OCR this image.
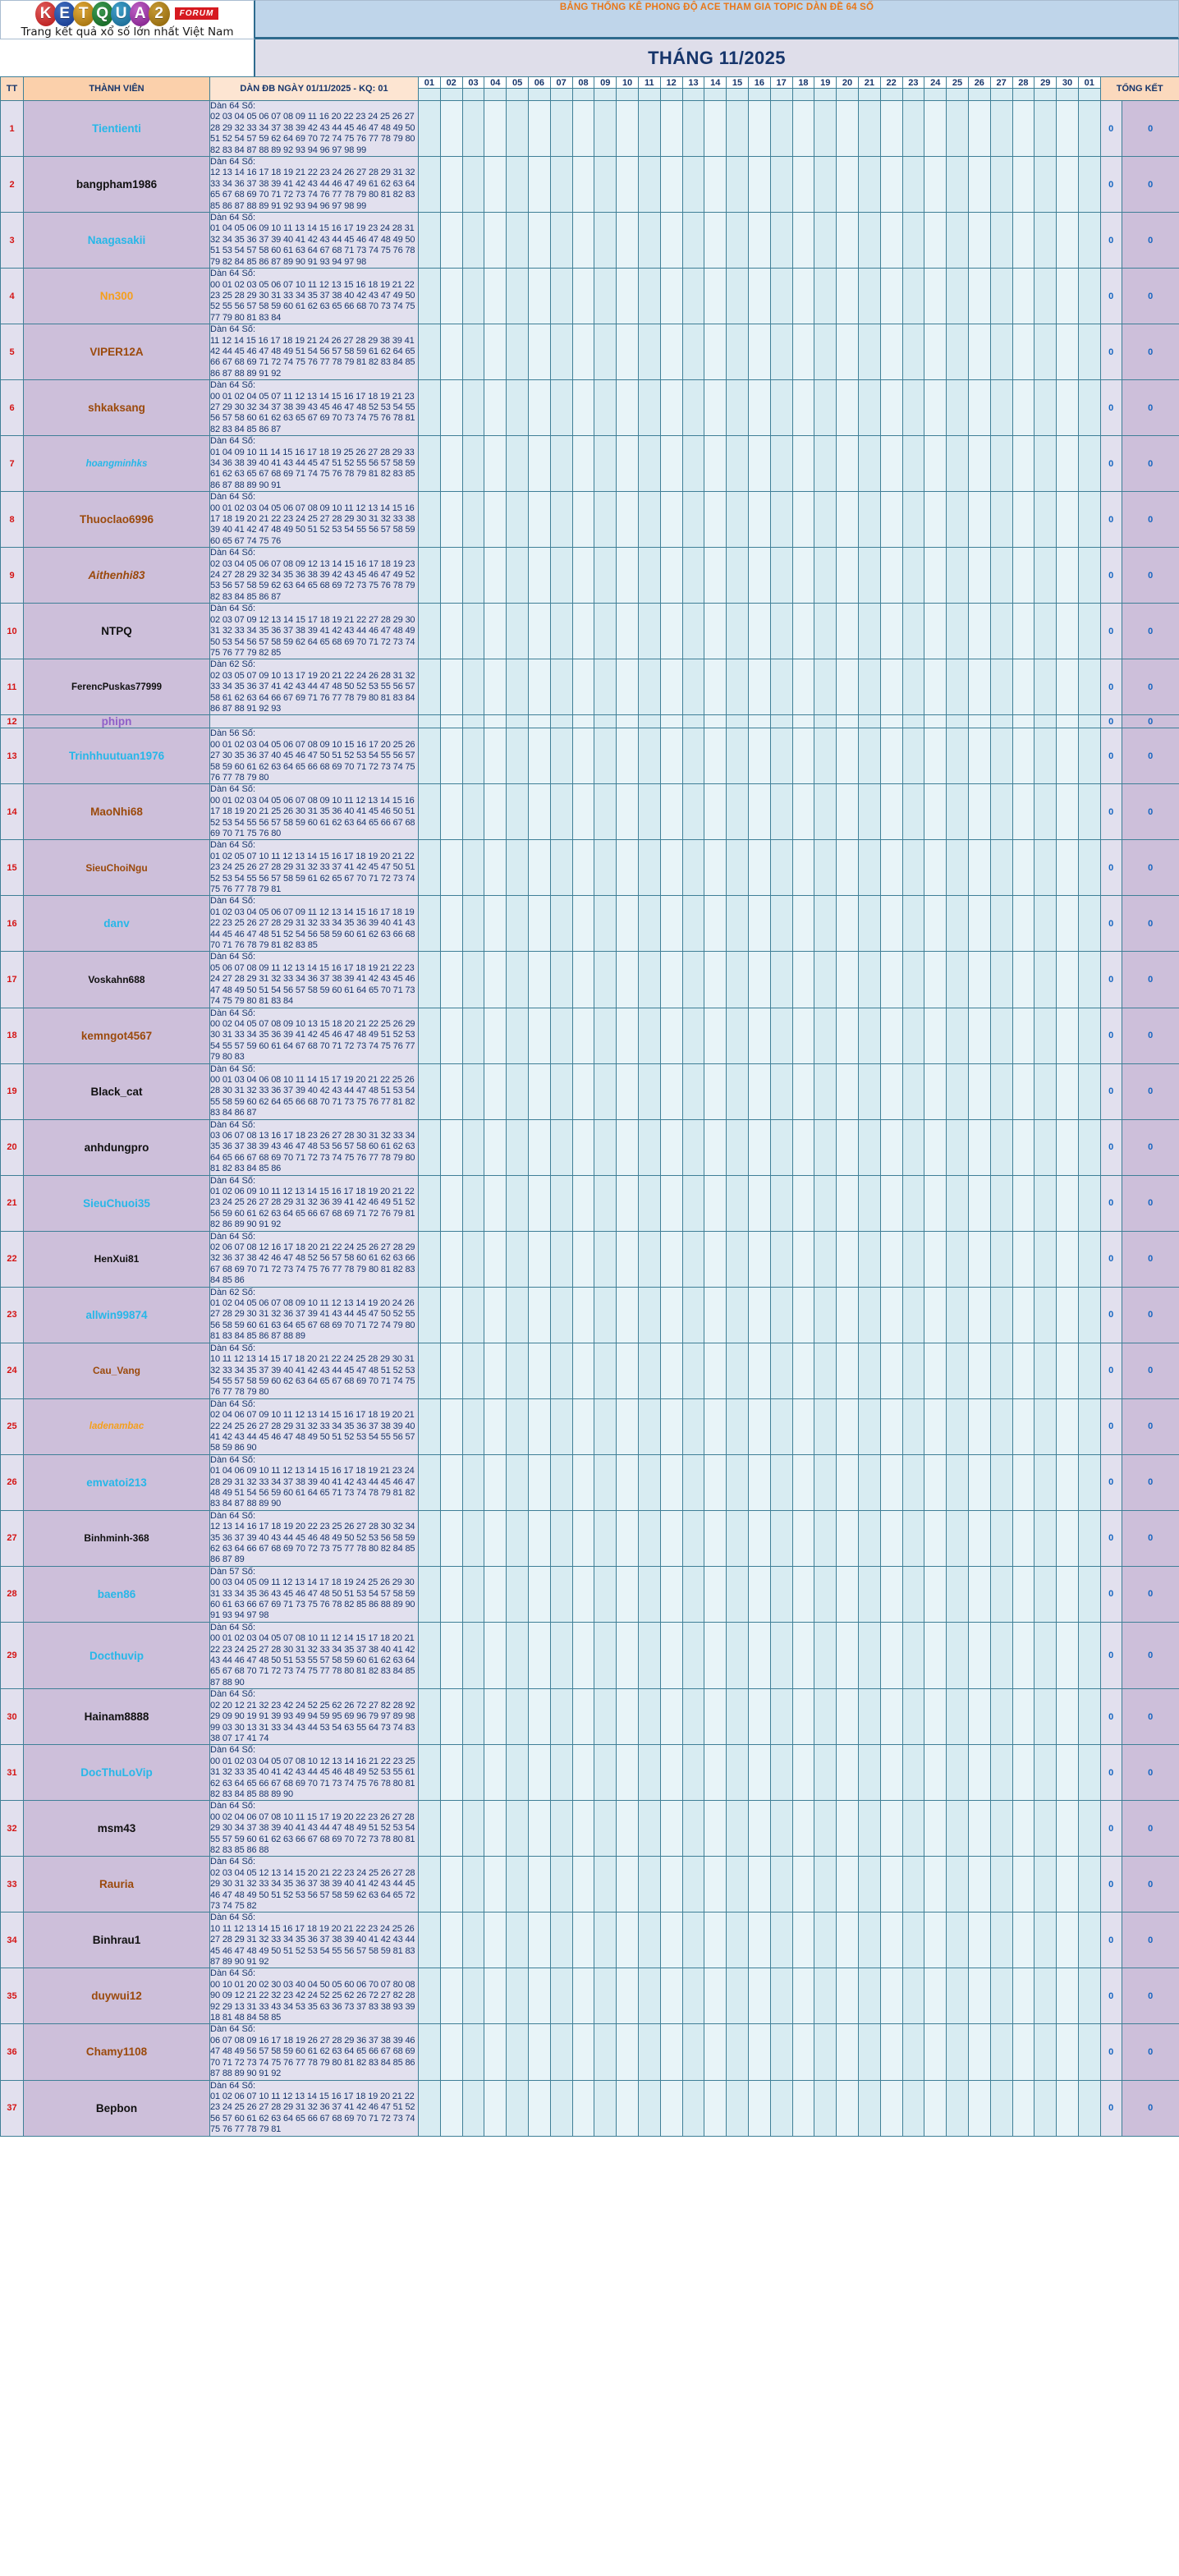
K E T Q U A 2	FORUM
Trang kết quả xổ số lớn nhất Việt Nam
BẢNG THỐNG KÊ PHONG ĐỘ ACE THAM GIA TOPIC DÀN ĐỀ 64 SỐ
THÁNG 11/2025
TT	THÀNH VIÊN	DÀN ĐB NGÀY 01/11/2025 - KQ: 01	01	02	03	04	05	06	07	08	09	10	11	12	13	14	15	16	17	18	19	20	21	22	23	24	25	26	27	28	29	30	01	TỔNG KẾT	

1	Tientienti	Dàn 64 Số:
02 03 04 05 06 07 08 09 11 16 20 22 23 24 25 26 27 28 29 32 33 34 37 38 39 42 43 44 45 46 47 48 49 50 51 52 54 57 59 62 64 69 70 72 74 75 76 77 78 79 80 82 83 84 87 88 89 92 93 94 96 97 98 99																																0	0
2	bangpham1986	Dàn 64 Số:
12 13 14 16 17 18 19 21 22 23 24 26 27 28 29 31 32 33 34 36 37 38 39 41 42 43 44 46 47 49 61 62 63 64 65 67 68 69 70 71 72 73 74 76 77 78 79 80 81 82 83 85 86 87 88 89 91 92 93 94 96 97 98 99																																0	0
3	Naagasakii	Dàn 64 Số:
01 04 05 06 09 10 11 13 14 15 16 17 19 23 24 28 31 32 34 35 36 37 39 40 41 42 43 44 45 46 47 48 49 50 51 53 54 57 58 60 61 63 64 67 68 71 73 74 75 76 78 79 82 84 85 86 87 89 90 91 93 94 97 98																																0	0
4	Nn300	Dàn 64 Số:
00 01 02 03 05 06 07 10 11 12 13 15 16 18 19 21 22 23 25 28 29 30 31 33 34 35 37 38 40 42 43 47 49 50 52 55 56 57 58 59 60 61 62 63 65 66 68 70 73 74 75 77 79 80 81 83 84																																0	0
5	VIPER12A	Dàn 64 Số:
11 12 14 15 16 17 18 19 21 24 26 27 28 29 38 39 41 42 44 45 46 47 48 49 51 54 56 57 58 59 61 62 64 65 66 67 68 69 71 72 74 75 76 77 78 79 81 82 83 84 85 86 87 88 89 91 92																																0	0
6	shkaksang	Dàn 64 Số:
00 01 02 04 05 07 11 12 13 14 15 16 17 18 19 21 23 27 29 30 32 34 37 38 39 43 45 46 47 48 52 53 54 55 56 57 58 60 61 62 63 65 67 69 70 73 74 75 76 78 81 82 83 84 85 86 87																																0	0
7	hoangminhks	Dàn 64 Số:
01 04 09 10 11 14 15 16 17 18 19 25 26 27 28 29 33 34 36 38 39 40 41 43 44 45 47 51 52 55 56 57 58 59 61 62 63 65 67 68 69 71 74 75 76 78 79 81 82 83 85 86 87 88 89 90 91																																0	0
8	Thuoclao6996	Dàn 64 Số:
00 01 02 03 04 05 06 07 08 09 10 11 12 13 14 15 16 17 18 19 20 21 22 23 24 25 27 28 29 30 31 32 33 38 39 40 41 42 47 48 49 50 51 52 53 54 55 56 57 58 59 60 65 67 74 75 76																																0	0
9	Aithenhi83	Dàn 64 Số:
02 03 04 05 06 07 08 09 12 13 14 15 16 17 18 19 23 24 27 28 29 32 34 35 36 38 39 42 43 45 46 47 49 52 53 56 57 58 59 62 63 64 65 68 69 72 73 75 76 78 79 82 83 84 85 86 87																																0	0
10	NTPQ	Dàn 64 Số:
02 03 07 09 12 13 14 15 17 18 19 21 22 27 28 29 30 31 32 33 34 35 36 37 38 39 41 42 43 44 46 47 48 49 50 53 54 56 57 58 59 62 64 65 68 69 70 71 72 73 74 75 76 77 79 82 85																																0	0
11	FerencPuskas77999	Dàn 62 Số:
02 03 05 07 09 10 13 17 19 20 21 22 24 26 28 31 32 33 34 35 36 37 41 42 43 44 47 48 50 52 53 55 56 57 58 61 62 63 64 66 67 69 71 76 77 78 79 80 81 83 84 86 87 88 91 92 93																																0	0
12	phipn																																	0	0
13	Trinhhuutuan1976	Dàn 56 Số:
00 01 02 03 04 05 06 07 08 09 10 15 16 17 20 25 26 27 30 35 36 37 40 45 46 47 50 51 52 53 54 55 56 57 58 59 60 61 62 63 64 65 66 68 69 70 71 72 73 74 75 76 77 78 79 80																																0	0
14	MaoNhi68	Dàn 64 Số:
00 01 02 03 04 05 06 07 08 09 10 11 12 13 14 15 16 17 18 19 20 21 25 26 30 31 35 36 40 41 45 46 50 51 52 53 54 55 56 57 58 59 60 61 62 63 64 65 66 67 68 69 70 71 75 76 80																																0	0
15	SieuChoiNgu	Dàn 64 Số:
01 02 05 07 10 11 12 13 14 15 16 17 18 19 20 21 22 23 24 25 26 27 28 29 31 32 33 37 41 42 45 47 50 51 52 53 54 55 56 57 58 59 61 62 65 67 70 71 72 73 74 75 76 77 78 79 81																																0	0
16	danv	Dàn 64 Số:
01 02 03 04 05 06 07 09 11 12 13 14 15 16 17 18 19 22 23 25 26 27 28 29 31 32 33 34 35 36 39 40 41 43 44 45 46 47 48 51 52 54 56 58 59 60 61 62 63 66 68 70 71 76 78 79 81 82 83 85																																0	0
17	Voskahn688	Dàn 64 Số:
05 06 07 08 09 11 12 13 14 15 16 17 18 19 21 22 23 24 27 28 29 31 32 33 34 36 37 38 39 41 42 43 45 46 47 48 49 50 51 54 56 57 58 59 60 61 64 65 70 71 73 74 75 79 80 81 83 84																																0	0
18	kemngot4567	Dàn 64 Số:
00 02 04 05 07 08 09 10 13 15 18 20 21 22 25 26 29 30 31 33 34 35 36 39 41 42 45 46 47 48 49 51 52 53 54 55 57 59 60 61 64 67 68 70 71 72 73 74 75 76 77 79 80 83																																0	0
19	Black_cat	Dàn 64 Số:
00 01 03 04 06 08 10 11 14 15 17 19 20 21 22 25 26 28 30 31 32 33 36 37 39 40 42 43 44 47 48 51 53 54 55 58 59 60 62 64 65 66 68 70 71 73 75 76 77 81 82 83 84 86 87																																0	0
20	anhdungpro	Dàn 64 Số:
03 06 07 08 13 16 17 18 23 26 27 28 30 31 32 33 34 35 36 37 38 39 43 46 47 48 53 56 57 58 60 61 62 63 64 65 66 67 68 69 70 71 72 73 74 75 76 77 78 79 80 81 82 83 84 85 86																																0	0
21	SieuChuoi35	Dàn 64 Số:
01 02 06 09 10 11 12 13 14 15 16 17 18 19 20 21 22 23 24 25 26 27 28 29 31 32 36 39 41 42 46 49 51 52 56 59 60 61 62 63 64 65 66 67 68 69 71 72 76 79 81 82 86 89 90 91 92																																0	0
22	HenXui81	Dàn 64 Số:
02 06 07 08 12 16 17 18 20 21 22 24 25 26 27 28 29 32 36 37 38 42 46 47 48 52 56 57 58 60 61 62 63 66 67 68 69 70 71 72 73 74 75 76 77 78 79 80 81 82 83 84 85 86																																0	0
23	allwin99874	Dàn 62 Số:
01 02 04 05 06 07 08 09 10 11 12 13 14 19 20 24 26 27 28 29 30 31 32 36 37 39 41 43 44 45 47 50 52 55 56 58 59 60 61 63 64 65 67 68 69 70 71 72 74 79 80 81 83 84 85 86 87 88 89																																0	0
24	Cau_Vang	Dàn 64 Số:
10 11 12 13 14 15 17 18 20 21 22 24 25 28 29 30 31 32 33 34 35 37 39 40 41 42 43 44 45 47 48 51 52 53 54 55 57 58 59 60 62 63 64 65 67 68 69 70 71 74 75 76 77 78 79 80																																0	0
25	ladenambac	Dàn 64 Số:
02 04 06 07 09 10 11 12 13 14 15 16 17 18 19 20 21 22 24 25 26 27 28 29 31 32 33 34 35 36 37 38 39 40 41 42 43 44 45 46 47 48 49 50 51 52 53 54 55 56 57 58 59 86 90																																0	0
26	emvatoi213	Dàn 64 Số:
01 04 06 09 10 11 12 13 14 15 16 17 18 19 21 23 24 28 29 31 32 33 34 37 38 39 40 41 42 43 44 45 46 47 48 49 51 54 56 59 60 61 64 65 71 73 74 78 79 81 82 83 84 87 88 89 90																																0	0
27	Binhminh-368	Dàn 64 Số:
12 13 14 16 17 18 19 20 22 23 25 26 27 28 30 32 34 35 36 37 39 40 43 44 45 46 48 49 50 52 53 56 58 59 62 63 64 66 67 68 69 70 72 73 75 77 78 80 82 84 85 86 87 89																																0	0
28	baen86	Dàn 57 Số:
00 03 04 05 09 11 12 13 14 17 18 19 24 25 26 29 30 31 33 34 35 36 43 45 46 47 48 50 51 53 54 57 58 59 60 61 63 66 67 69 71 73 75 76 78 82 85 86 88 89 90 91 93 94 97 98																																0	0
29	Docthuvip	Dàn 64 Số:
00 01 02 03 04 05 07 08 10 11 12 14 15 17 18 20 21 22 23 24 25 27 28 30 31 32 33 34 35 37 38 40 41 42 43 44 46 47 48 50 51 53 55 57 58 59 60 61 62 63 64 65 67 68 70 71 72 73 74 75 77 78 80 81 82 83 84 85 87 88 90																																0	0
30	Hainam8888	Dàn 64 Số:
02 20 12 21 32 23 42 24 52 25 62 26 72 27 82 28 92 29 09 90 19 91 39 93 49 94 59 95 69 96 79 97 89 98 99 03 30 13 31 33 34 43 44 53 54 63 55 64 73 74 83 38 07 17 41 74																																0	0
31	DocThuLoVip	Dàn 64 Số:
00 01 02 03 04 05 07 08 10 12 13 14 16 21 22 23 25 31 32 33 35 40 41 42 43 44 45 46 48 49 52 53 55 61 62 63 64 65 66 67 68 69 70 71 73 74 75 76 78 80 81 82 83 84 85 88 89 90																																0	0
32	msm43	Dàn 64 Số:
00 02 04 06 07 08 10 11 15 17 19 20 22 23 26 27 28 29 30 34 37 38 39 40 41 43 44 47 48 49 51 52 53 54 55 57 59 60 61 62 63 66 67 68 69 70 72 73 78 80 81 82 83 85 86 88																																0	0
33	Rauria	Dàn 64 Số:
02 03 04 05 12 13 14 15 20 21 22 23 24 25 26 27 28 29 30 31 32 33 34 35 36 37 38 39 40 41 42 43 44 45 46 47 48 49 50 51 52 53 56 57 58 59 62 63 64 65 72 73 74 75 82																																0	0
34	Binhrau1	Dàn 64 Số:
10 11 12 13 14 15 16 17 18 19 20 21 22 23 24 25 26 27 28 29 31 32 33 34 35 36 37 38 39 40 41 42 43 44 45 46 47 48 49 50 51 52 53 54 55 56 57 58 59 81 83 87 89 90 91 92																																0	0
35	duywui12	Dàn 64 Số:
00 10 01 20 02 30 03 40 04 50 05 60 06 70 07 80 08 90 09 12 21 22 32 23 42 24 52 25 62 26 72 27 82 28 92 29 13 31 33 43 34 53 35 63 36 73 37 83 38 93 39 18 81 48 84 58 85																																0	0
36	Chamy1108	Dàn 64 Số:
06 07 08 09 16 17 18 19 26 27 28 29 36 37 38 39 46 47 48 49 56 57 58 59 60 61 62 63 64 65 66 67 68 69 70 71 72 73 74 75 76 77 78 79 80 81 82 83 84 85 86 87 88 89 90 91 92																																0	0
37	Bepbon	Dàn 64 Số:
01 02 06 07 10 11 12 13 14 15 16 17 18 19 20 21 22 23 24 25 26 27 28 29 31 32 36 37 41 42 46 47 51 52 56 57 60 61 62 63 64 65 66 67 68 69 70 71 72 73 74 75 76 77 78 79 81																																0	0
